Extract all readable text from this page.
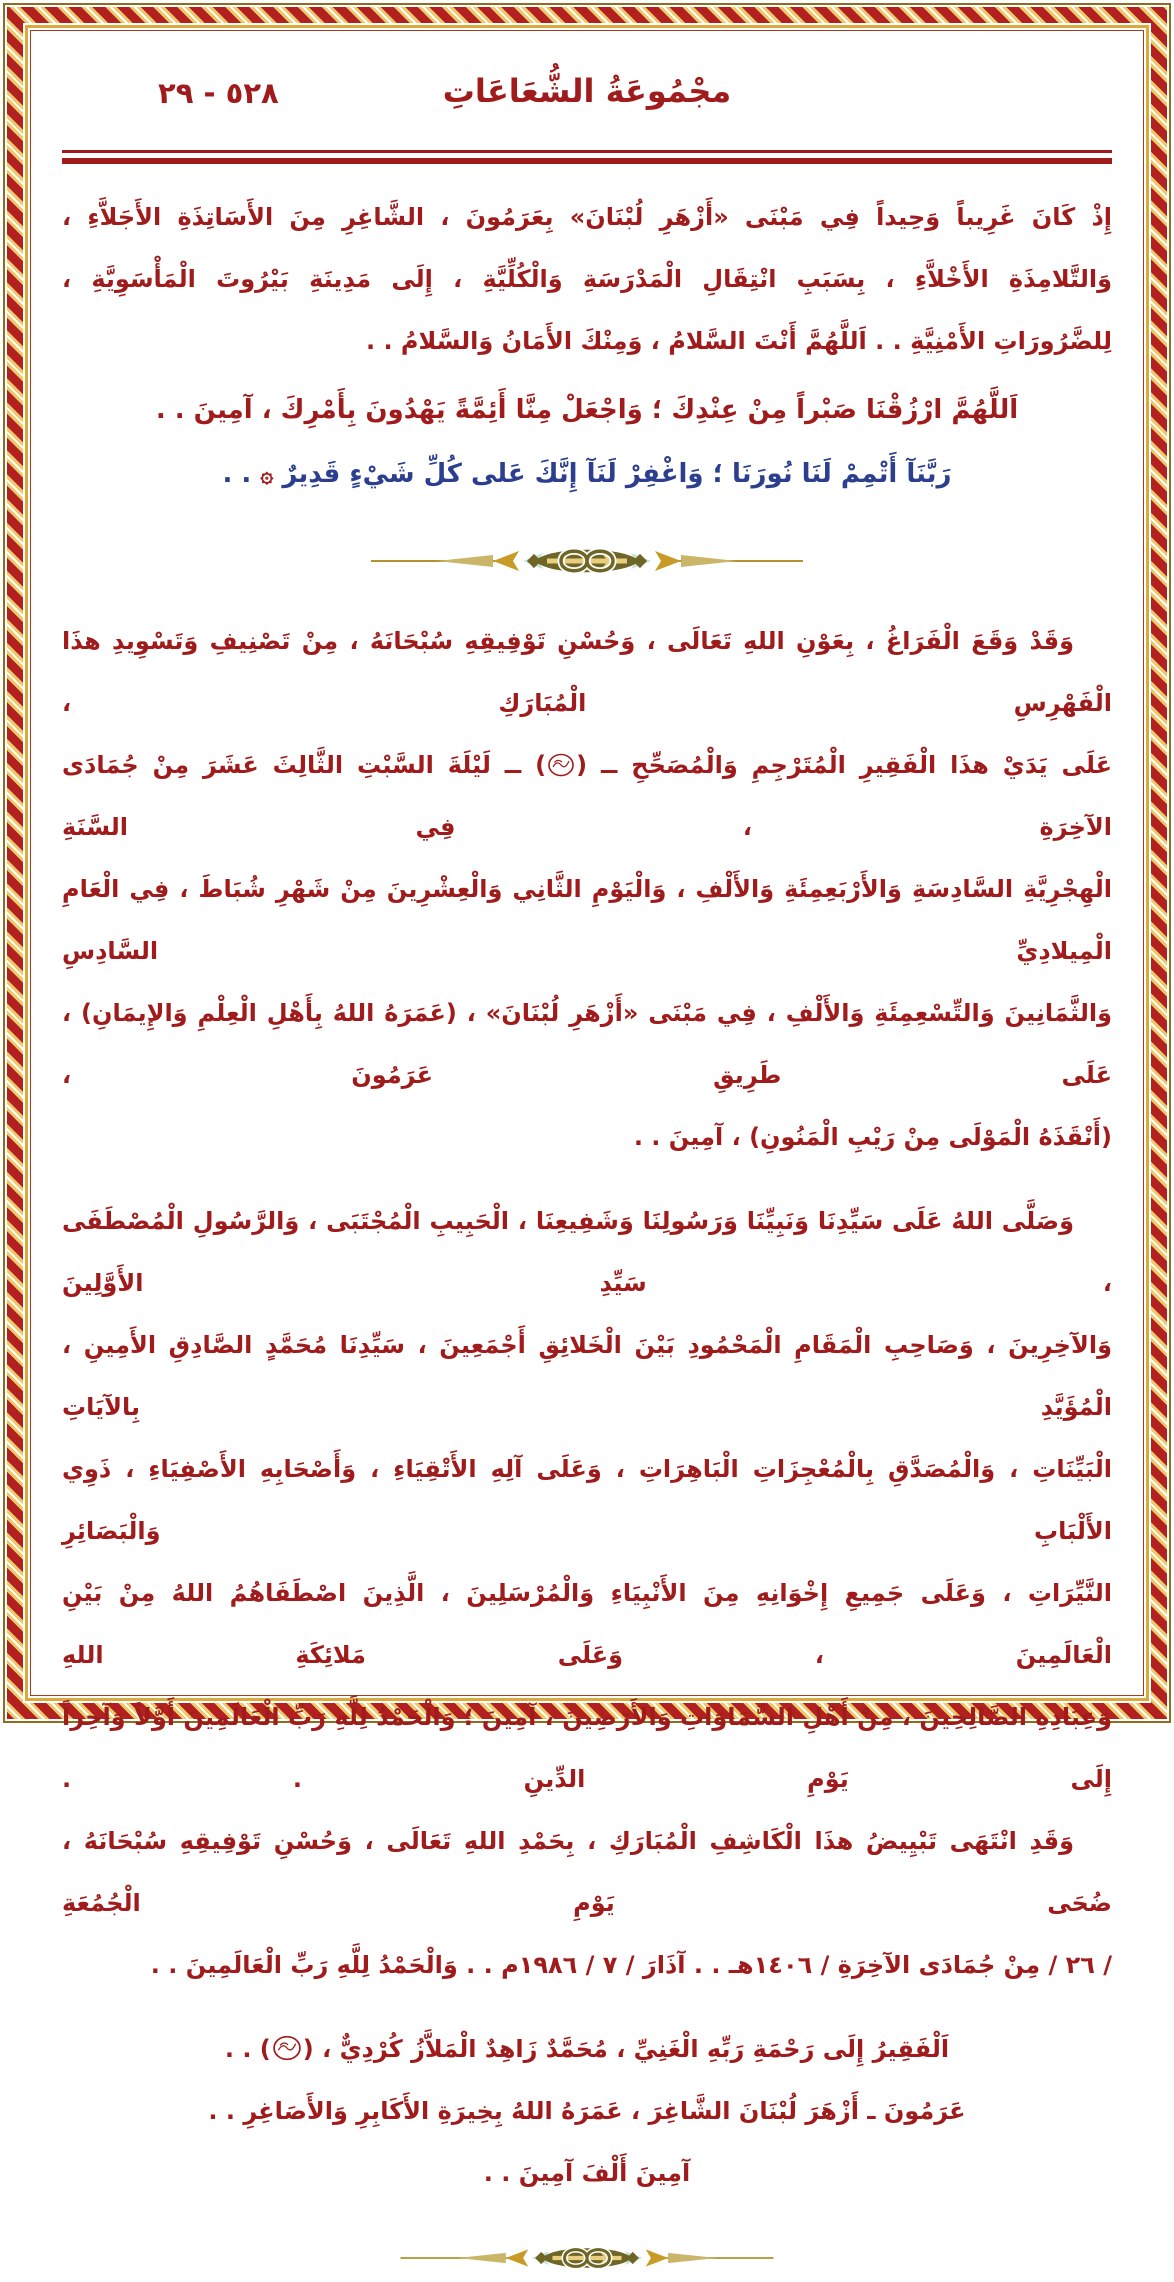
مجْمُوعَةُ الشُّعَاعَاتِ
٥٢٨ - ٢٩
إِذْ كَانَ غَرِيباً وَحِيداً فِي مَبْنَى «أَزْهَرِ لُبْنَانَ» بِعَرَمُونَ ، الشَّاغِرِ مِنَ الأَسَاتِذَةِ الأَجَلاَّءِ ،
وَالتَّلامِذَةِ الأَخْلاَّءِ ، بِسَبَبِ انْتِقَالِ الْمَدْرَسَةِ وَالْكُلِّيَّةِ ، إِلَى مَدِينَةِ بَيْرُوتَ الْمَأْسَوِيَّةِ ،
لِلضَّرُورَاتِ الأَمْنِيَّةِ . . اَللَّهُمَّ أَنْتَ السَّلامُ ، وَمِنْكَ الأَمَانُ وَالسَّلامُ . .
اَللَّهُمَّ ارْزُقْنَا صَبْراً مِنْ عِنْدِكَ ؛ وَاجْعَلْ مِنَّا أَئِمَّةً يَهْدُونَ بِأَمْرِكَ ، آمِينَ . .
رَبَّنَآ أَتْمِمْ لَنَا نُورَنَا ؛ وَاغْفِرْ لَنَآ إِنَّكَ عَلى كُلِّ شَيْءٍ قَدِيرٌ ۞ . .
وَقَدْ وَقَعَ الْفَرَاغُ ، بِعَوْنِ اللهِ تَعَالَى ، وَحُسْنِ تَوْفِيقِهِ سُبْحَانَهُ ، مِنْ تَصْنِيفِ وَتَسْوِيدِ هذَا الْفَهْرِسِ الْمُبَارَكِ ،
عَلَى يَدَيْ هذَا الْفَقِيرِ الْمُتَرْجِمِ وَالْمُصَحِّحِ ــ () ــ لَيْلَةَ السَّبْتِ الثَّالِثَ عَشَرَ مِنْ جُمَادَى الآخِرَةِ ، فِي السَّنَةِ
الْهِجْرِيَّةِ السَّادِسَةِ وَالأَرْبَعِمِئَةِ وَالأَلْفِ ، وَالْيَوْمِ الثَّانِي وَالْعِشْرِينَ مِنْ شَهْرِ شُبَاطَ ، فِي الْعَامِ الْمِيلادِيِّ السَّادِسِ
وَالثَّمَانِينَ وَالتِّسْعِمِئَةِ وَالأَلْفِ ، فِي مَبْنَى «أَزْهَرِ لُبْنَانَ» ، (عَمَرَهُ اللهُ بِأَهْلِ الْعِلْمِ وَالإِيمَانِ) ، عَلَى طَرِيقِ عَرَمُونَ ،
(أَنْقَذَهُ الْمَوْلَى مِنْ رَيْبِ الْمَنُونِ) ، آمِينَ . .
وَصَلَّى اللهُ عَلَى سَيِّدِنَا وَنَبِيِّنَا وَرَسُولِنَا وَشَفِيعِنَا ، الْحَبِيبِ الْمُجْتَبَى ، وَالرَّسُولِ الْمُصْطَفَى ، سَيِّدِ الأَوَّلِينَ
وَالآخِرِينَ ، وَصَاحِبِ الْمَقَامِ الْمَحْمُودِ بَيْنَ الْخَلائِقِ أَجْمَعِينَ ، سَيِّدِنَا مُحَمَّدٍ الصَّادِقِ الأَمِينِ ، الْمُؤَيَّدِ بِالآيَاتِ
الْبَيِّنَاتِ ، وَالْمُصَدَّقِ بِالْمُعْجِزَاتِ الْبَاهِرَاتِ ، وَعَلَى آلِهِ الأَتْقِيَاءِ ، وَأَصْحَابِهِ الأَصْفِيَاءِ ، ذَوِي الأَلْبَابِ وَالْبَصَائِرِ
النَّيِّرَاتِ ، وَعَلَى جَمِيعِ إِخْوَانِهِ مِنَ الأَنْبِيَاءِ وَالْمُرْسَلِينَ ، الَّذِينَ اصْطَفَاهُمُ اللهُ مِنْ بَيْنِ الْعَالَمِينَ ، وَعَلَى مَلائِكَةِ اللهِ
وَعِبَادِهِ الصَّالِحِينَ ، مِنْ أَهْلِ السَّمَاوَاتِ وَالأَرَضِينَ ، آمِينَ ؛ وَالْحَمْدُ لِلَّهِ رَبِّ الْعَالَمِينَ أَوَّلاً وَآخِراً إِلَى يَوْمِ الدِّينِ . .
وَقَدِ انْتَهَى تَبْيِيضُ هذَا الْكَاشِفِ الْمُبَارَكِ ، بِحَمْدِ اللهِ تَعَالَى ، وَحُسْنِ تَوْفِيقِهِ سُبْحَانَهُ ، ضُحَى يَوْمِ الْجُمُعَةِ
/ ٢٦ / مِنْ جُمَادَى الآخِرَةِ / ١٤٠٦هـ . . آذَارَ / ٧ / ١٩٨٦م . . وَالْحَمْدُ لِلَّهِ رَبِّ الْعَالَمِينَ . .
اَلْفَقِيرُ إِلَى رَحْمَةِ رَبِّهِ الْغَنِيِّ ، مُحَمَّدٌ زَاهِدٌ الْمَلاَّزُ كُرْدِيٌّ ، () . .
عَرَمُونَ ـ أَزْهَرَ لُبْنَانَ الشَّاغِرَ ، عَمَرَهُ اللهُ بِخِيرَةِ الأَكَابِرِ وَالأَصَاغِرِ . .
آمِينَ أَلْفَ آمِينَ . .
